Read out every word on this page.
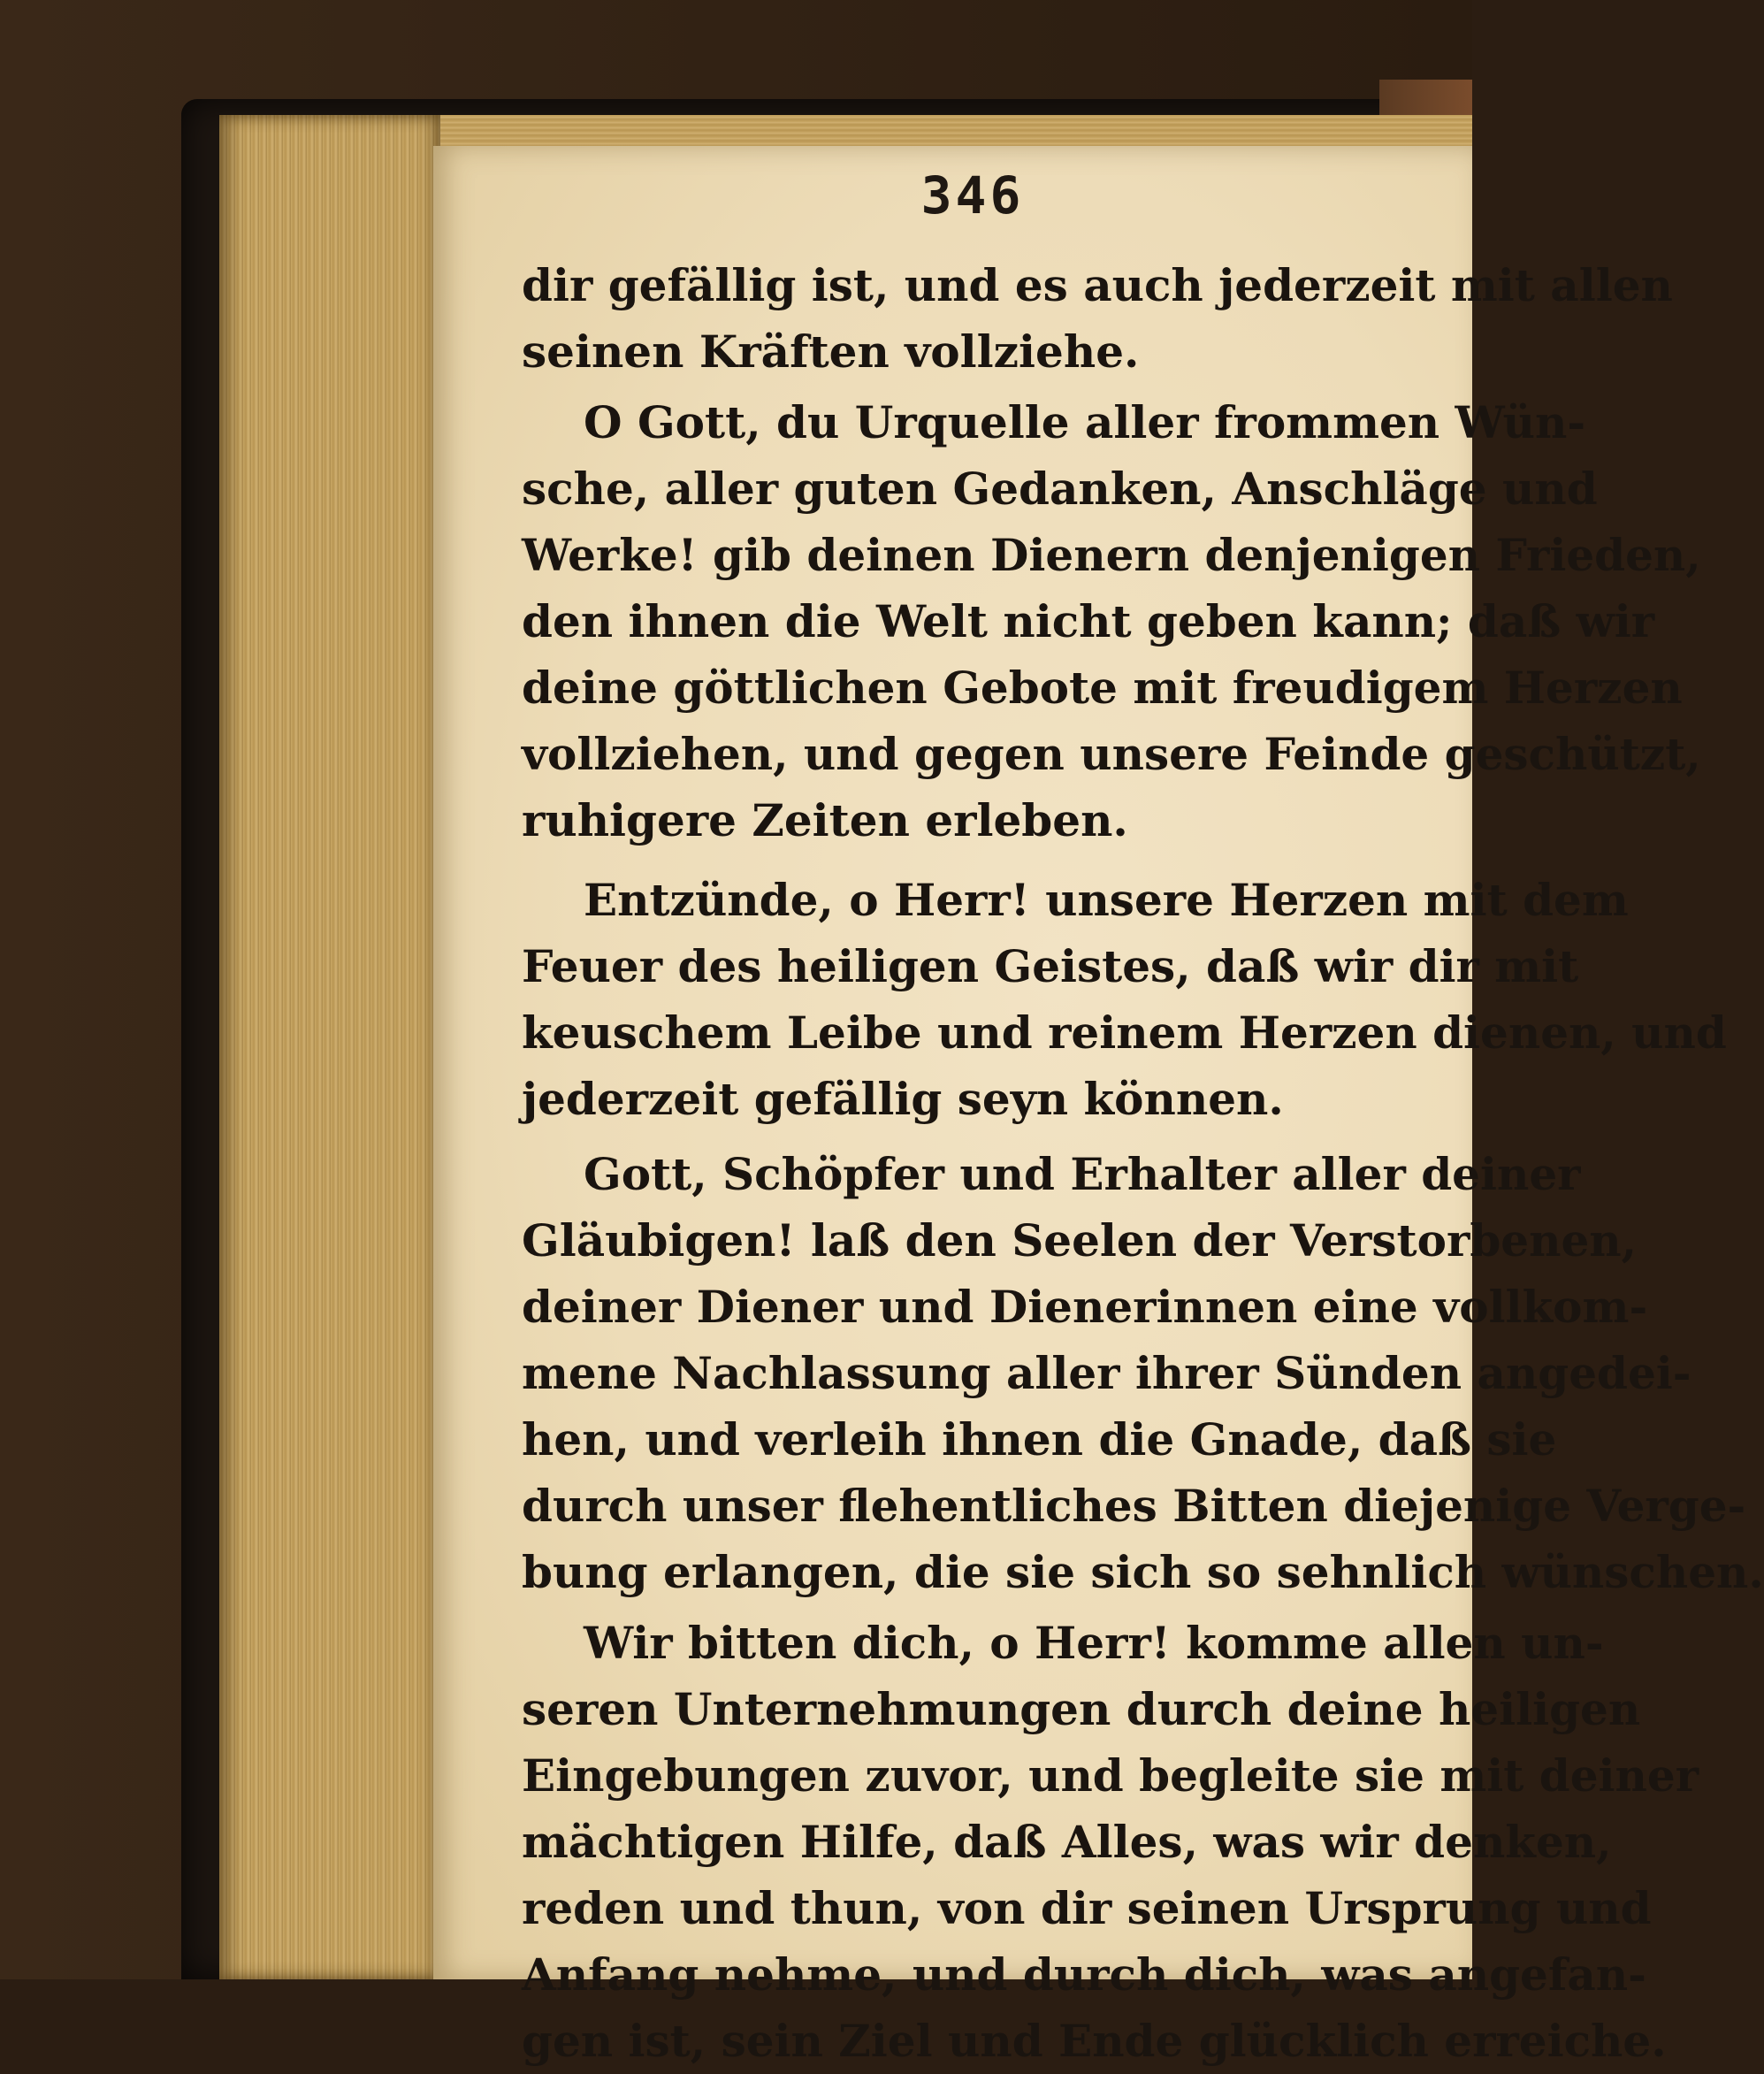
346
dir gefällig ist, und es auch jederzeit mit allen
seinen Kräften vollziehe.
O Gott, du Urquelle aller frommen Wün-
sche, aller guten Gedanken, Anschläge und
Werke! gib deinen Dienern denjenigen Frieden,
den ihnen die Welt nicht geben kann; daß wir
deine göttlichen Gebote mit freudigem Herzen
vollziehen, und gegen unsere Feinde geschützt,
ruhigere Zeiten erleben.
Entzünde, o Herr! unsere Herzen mit dem
Feuer des heiligen Geistes, daß wir dir mit
keuschem Leibe und reinem Herzen dienen, und
jederzeit gefällig seyn können.
Gott, Schöpfer und Erhalter aller deiner
Gläubigen! laß den Seelen der Verstorbenen,
deiner Diener und Dienerinnen eine vollkom-
mene Nachlassung aller ihrer Sünden angedei-
hen, und verleih ihnen die Gnade, daß sie
durch unser flehentliches Bitten diejenige Verge-
bung erlangen, die sie sich so sehnlich wünschen.
Wir bitten dich, o Herr! komme allen un-
seren Unternehmungen durch deine heiligen
Eingebungen zuvor, und begleite sie mit deiner
mächtigen Hilfe, daß Alles, was wir denken,
reden und thun, von dir seinen Ursprung und
Anfang nehme, und durch dich, was angefan-
gen ist, sein Ziel und Ende glücklich erreiche.
